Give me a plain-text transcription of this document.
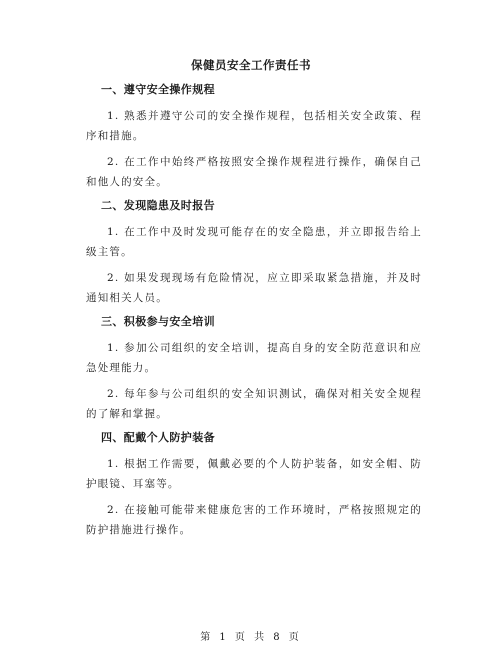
保健员安全工作责任书
一、遵守安全操作规程

1. 熟悉并遵守公司的安全操作规程，包括相关安全政策、程序和措施。

2. 在工作中始终严格按照安全操作规程进行操作，确保自己和他人的安全。

二、发现隐患及时报告

1. 在工作中及时发现可能存在的安全隐患，并立即报告给上级主管。

2. 如果发现现场有危险情况，应立即采取紧急措施，并及时通知相关人员。

三、积极参与安全培训

1. 参加公司组织的安全培训，提高自身的安全防范意识和应急处理能力。

2. 每年参与公司组织的安全知识测试，确保对相关安全规程的了解和掌握。

四、配戴个人防护装备

1. 根据工作需要，佩戴必要的个人防护装备，如安全帽、防护眼镜、耳塞等。

2. 在接触可能带来健康危害的工作环境时，严格按照规定的防护措施进行操作。

第 1 页 共 8 页
